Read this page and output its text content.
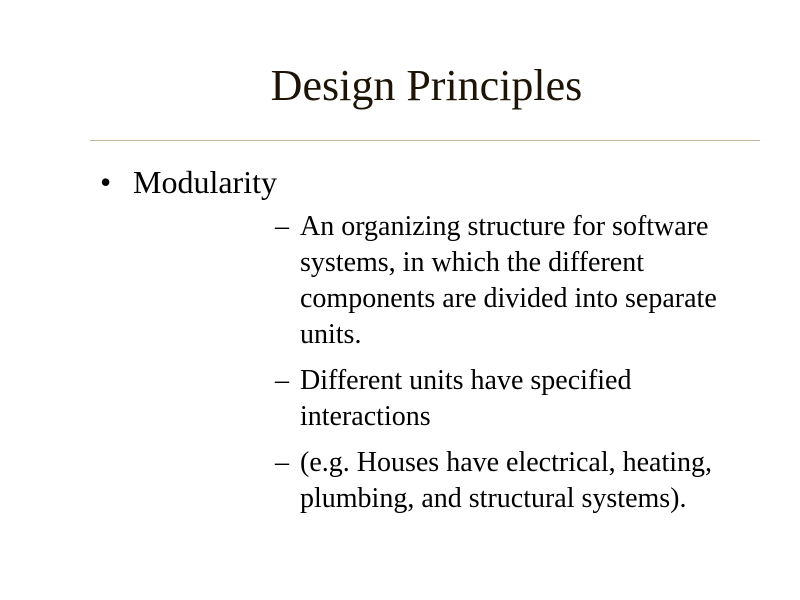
Design Principles
• Modularity
– An organizing structure for software systems, in which the different components are divided into separate units.
– Different units have specified interactions
– (e.g. Houses have electrical, heating, plumbing, and structural systems).
